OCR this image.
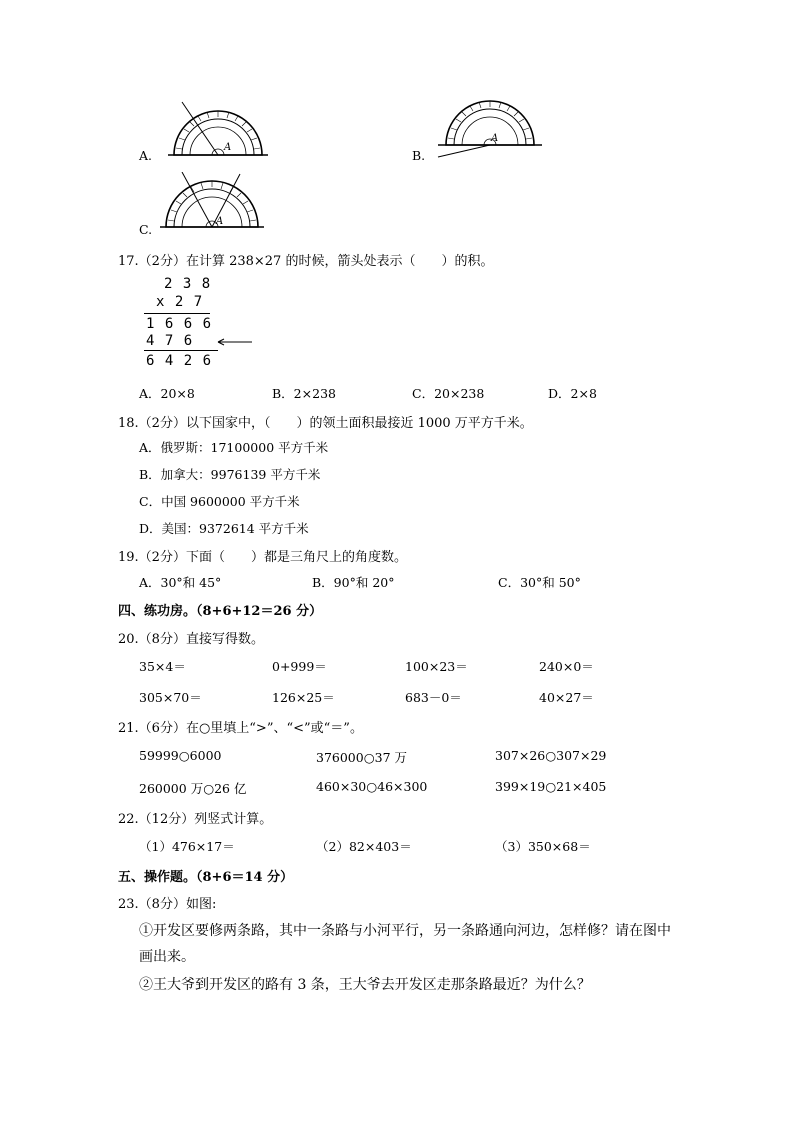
A.
A
B.
A
C.
A
17.（2分）在计算 238×27 的时候，箭头处表示（　　）的积。
2 3 8
x 2 7
1 6 6 6
4 7 6
6 4 2 6
A．20×8	B．2×238	C．20×238	D．2×8
18.（2分）以下国家中，（　　）的领土面积最接近 1000 万平方千米。
A．俄罗斯：17100000 平方千米
B．加拿大：9976139 平方千米
C．中国 9600000 平方千米
D．美国：9372614 平方千米
19.（2分）下面（　　）都是三角尺上的角度数。
A．30°和 45°	B．90°和 20°	C．30°和 50°
四、练功房。（8+6+12＝26 分）
20.（8分）直接写得数。
35×4＝	0+999＝	100×23＝	240×0＝
305×70＝	126×25＝	683－0＝	40×27＝
21.（6分）在○里填上“>”、“<”或“＝”。
59999○6000	376000○37 万	307×26○307×29
260000 万○26 亿	460×30○46×300	399×19○21×405
22.（12分）列竖式计算。
（1）476×17＝	（2）82×403＝	（3）350×68＝
五、操作题。（8+6＝14 分）
23.（8分）如图:
①开发区要修两条路，其中一条路与小河平行，另一条路通向河边，怎样修？请在图中
画出来。
②王大爷到开发区的路有 3 条，王大爷去开发区走那条路最近？为什么？
